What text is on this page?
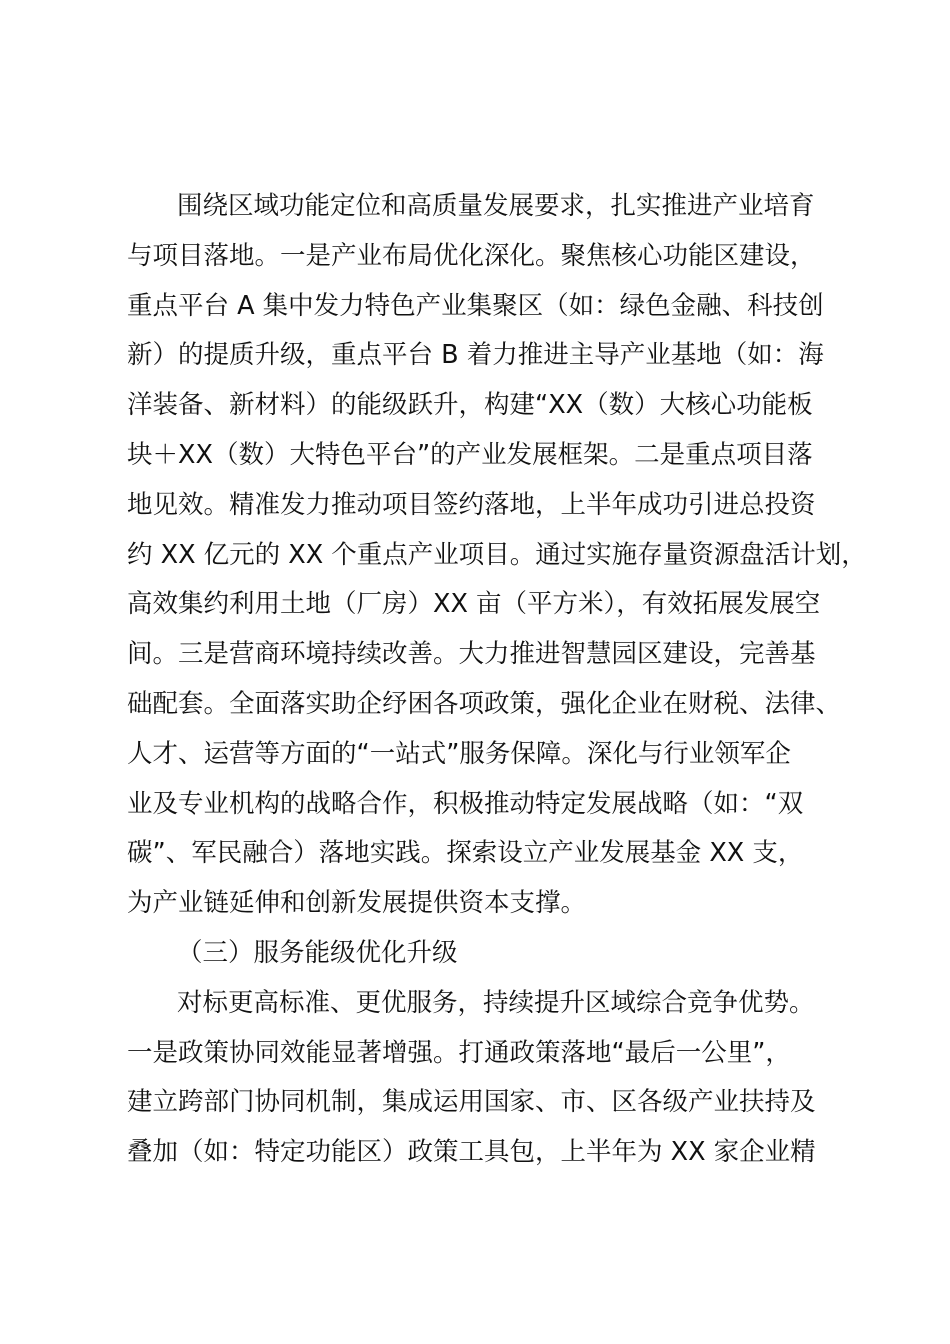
围绕区域功能定位和高质量发展要求，扎实推进产业培育
与项目落地。一是产业布局优化深化。聚焦核心功能区建设，
重点平台 A 集中发力特色产业集聚区（如：绿色金融、科技创
新）的提质升级，重点平台 B 着力推进主导产业基地（如：海
洋装备、新材料）的能级跃升，构建“XX（数）大核心功能板
块＋XX（数）大特色平台”的产业发展框架。二是重点项目落
地见效。精准发力推动项目签约落地，上半年成功引进总投资
约 XX 亿元的 XX 个重点产业项目。通过实施存量资源盘活计划，
高效集约利用土地（厂房）XX 亩（平方米），有效拓展发展空
间。三是营商环境持续改善。大力推进智慧园区建设，完善基
础配套。全面落实助企纾困各项政策，强化企业在财税、法律、
人才、运营等方面的“一站式”服务保障。深化与行业领军企
业及专业机构的战略合作，积极推动特定发展战略（如：“双
碳”、军民融合）落地实践。探索设立产业发展基金 XX 支，
为产业链延伸和创新发展提供资本支撑。
（三）服务能级优化升级
对标更高标准、更优服务，持续提升区域综合竞争优势。
一是政策协同效能显著增强。打通政策落地“最后一公里”，
建立跨部门协同机制，集成运用国家、市、区各级产业扶持及
叠加（如：特定功能区）政策工具包，上半年为 XX 家企业精
